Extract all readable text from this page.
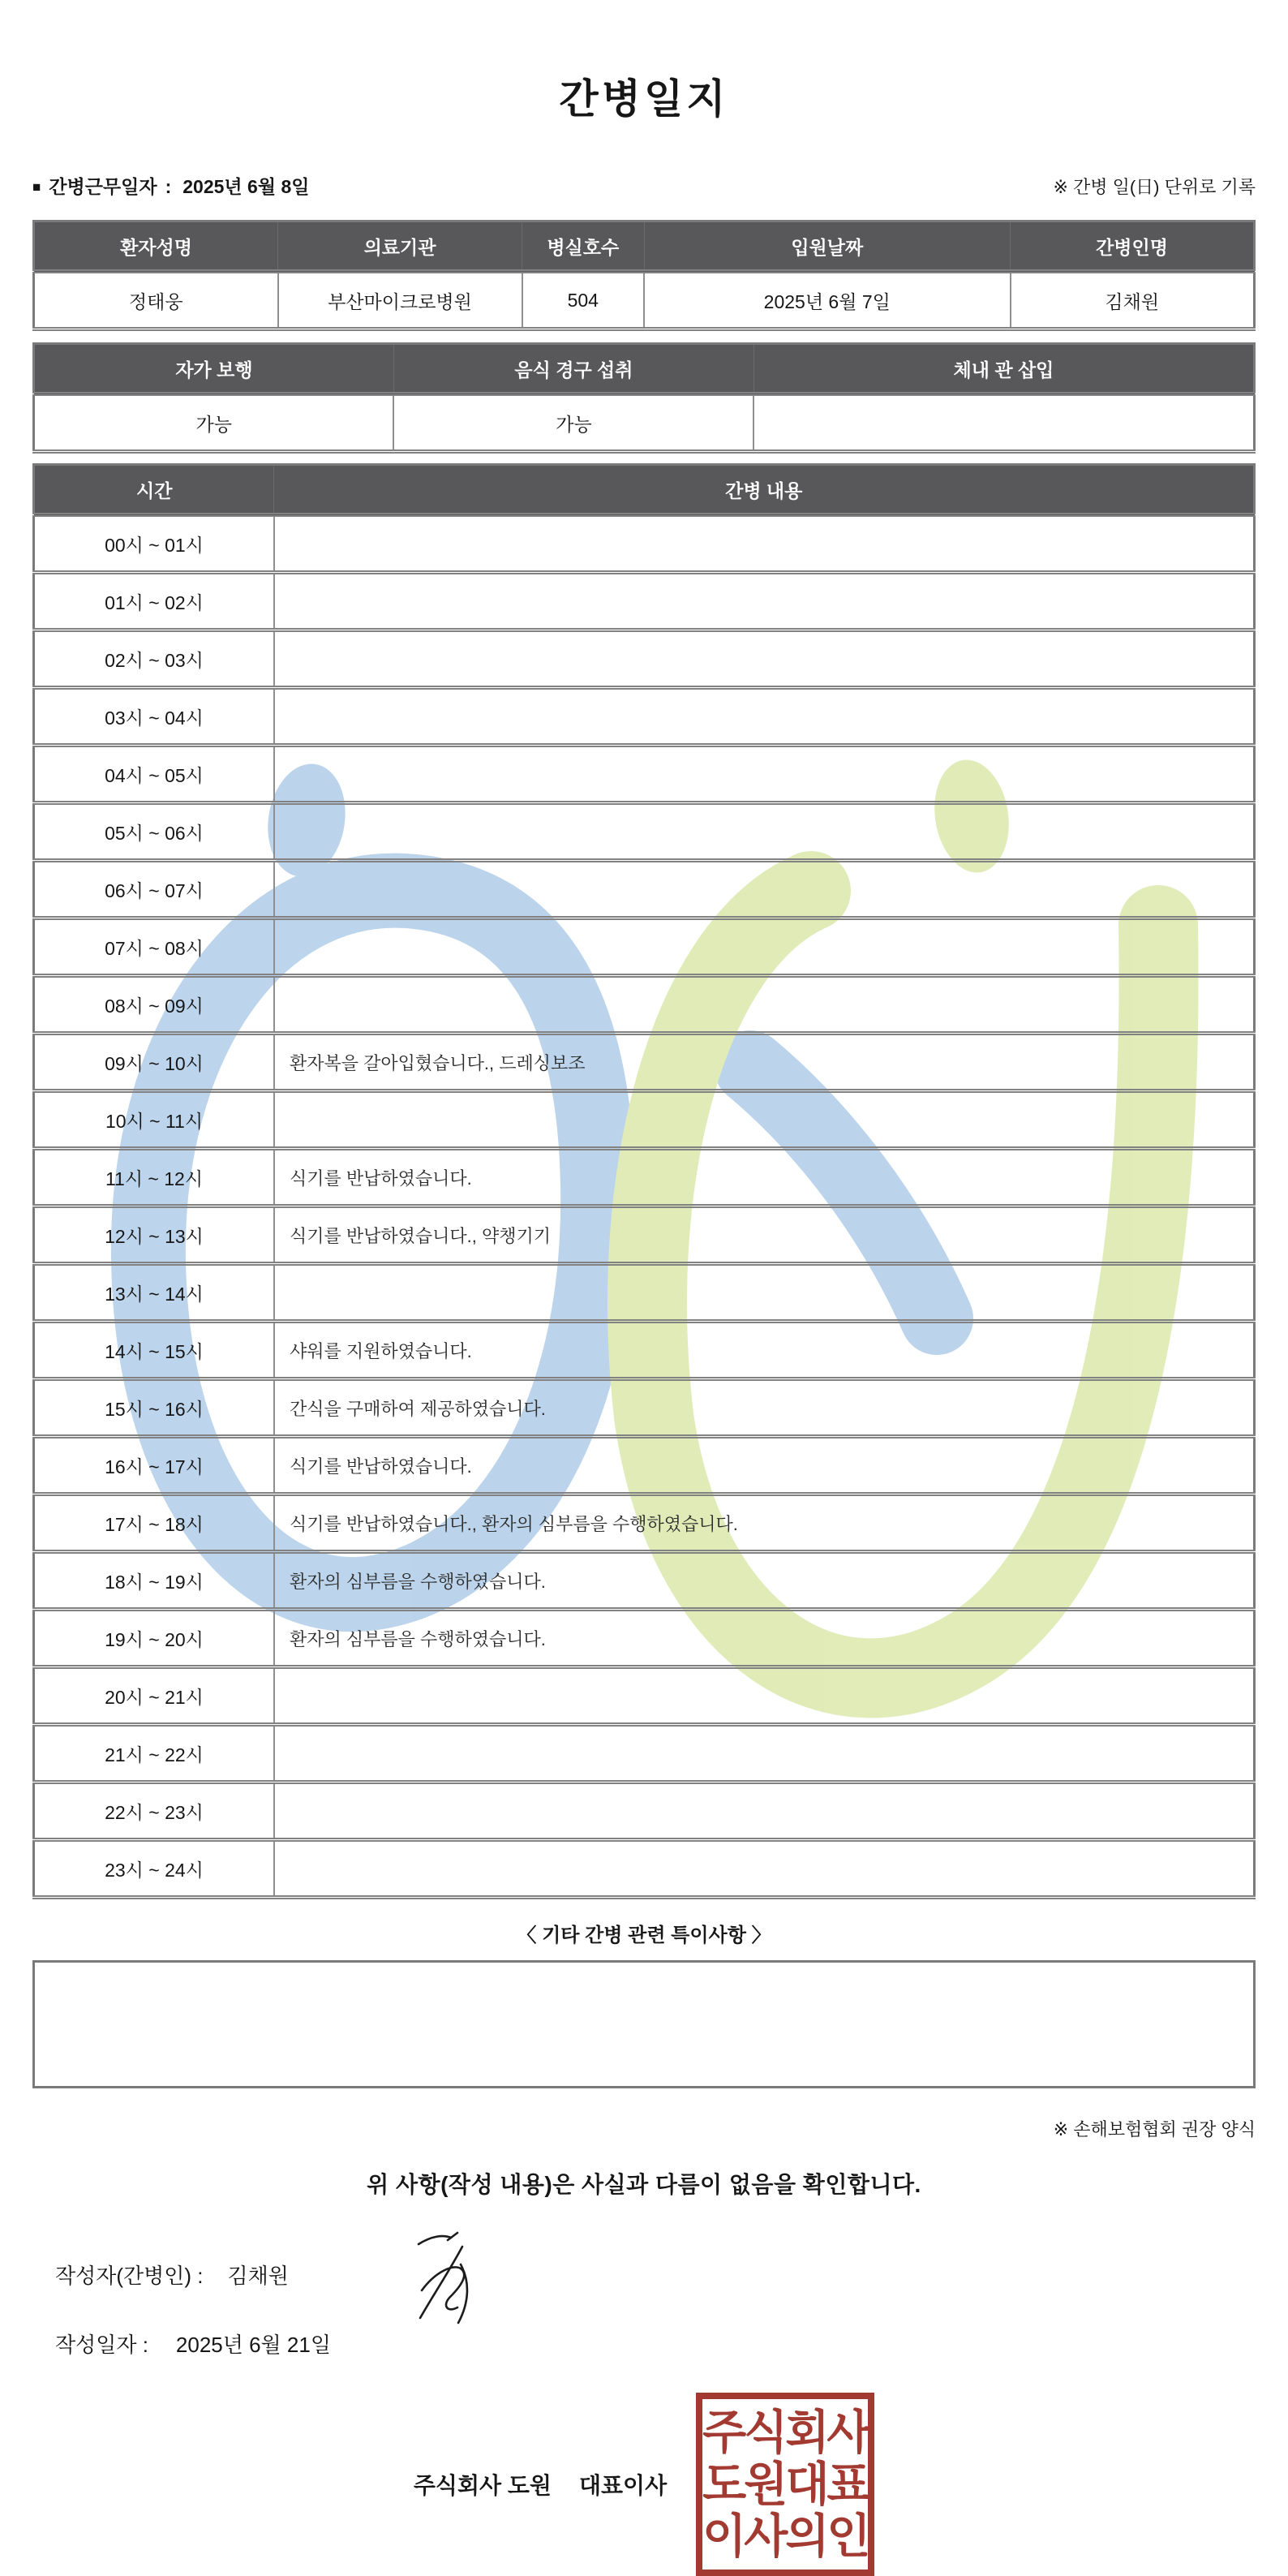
간병일지
■ 간병근무일자 : 2025년 6월 8일	※ 간병 일(日) 단위로 기록
환자성명	의료기관	병실호수	입원날짜	간병인명
정태웅	부산마이크로병원	504	2025년 6월 7일	김채원
자가 보행	음식 경구 섭취	체내 관 삽입
가능	가능	
시간	간병 내용
00시 ~ 01시	
01시 ~ 02시	
02시 ~ 03시	
03시 ~ 04시	
04시 ~ 05시	
05시 ~ 06시	
06시 ~ 07시	
07시 ~ 08시	
08시 ~ 09시	
09시 ~ 10시	환자복을 갈아입혔습니다., 드레싱보조
10시 ~ 11시	
11시 ~ 12시	식기를 반납하였습니다.
12시 ~ 13시	식기를 반납하였습니다., 약챙기기
13시 ~ 14시	
14시 ~ 15시	샤워를 지원하였습니다.
15시 ~ 16시	간식을 구매하여 제공하였습니다.
16시 ~ 17시	식기를 반납하였습니다.
17시 ~ 18시	식기를 반납하였습니다., 환자의 심부름을 수행하였습니다.
18시 ~ 19시	환자의 심부름을 수행하였습니다.
19시 ~ 20시	환자의 심부름을 수행하였습니다.
20시 ~ 21시	
21시 ~ 22시	
22시 ~ 23시	
23시 ~ 24시	
〈 기타 간병 관련 특이사항 〉
※ 손해보험협회 권장 양식
위 사항(작성 내용)은 사실과 다름이 없음을 확인합니다.
작성자(간병인) : 김채원
작성일자 : 2025년 6월 21일
주식회사 도원 대표이사
주식회사
도원대표
이사의인
